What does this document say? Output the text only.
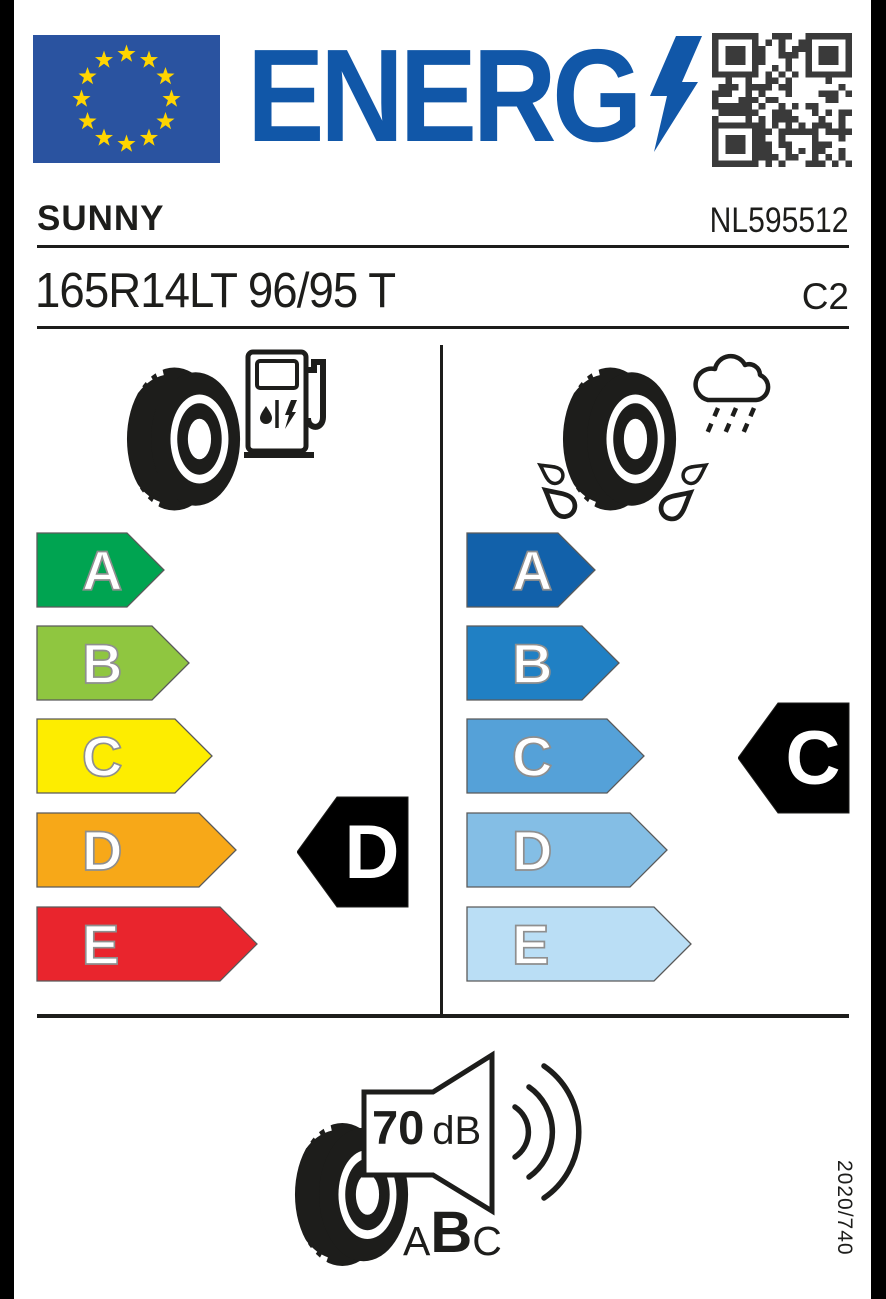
ENERG
SUNNY	NL595512
165R14LT 96/95 T	C2
A
B
C
D
E
D
A
B
C
D
E
C
70 dB
A B C	2020/740
